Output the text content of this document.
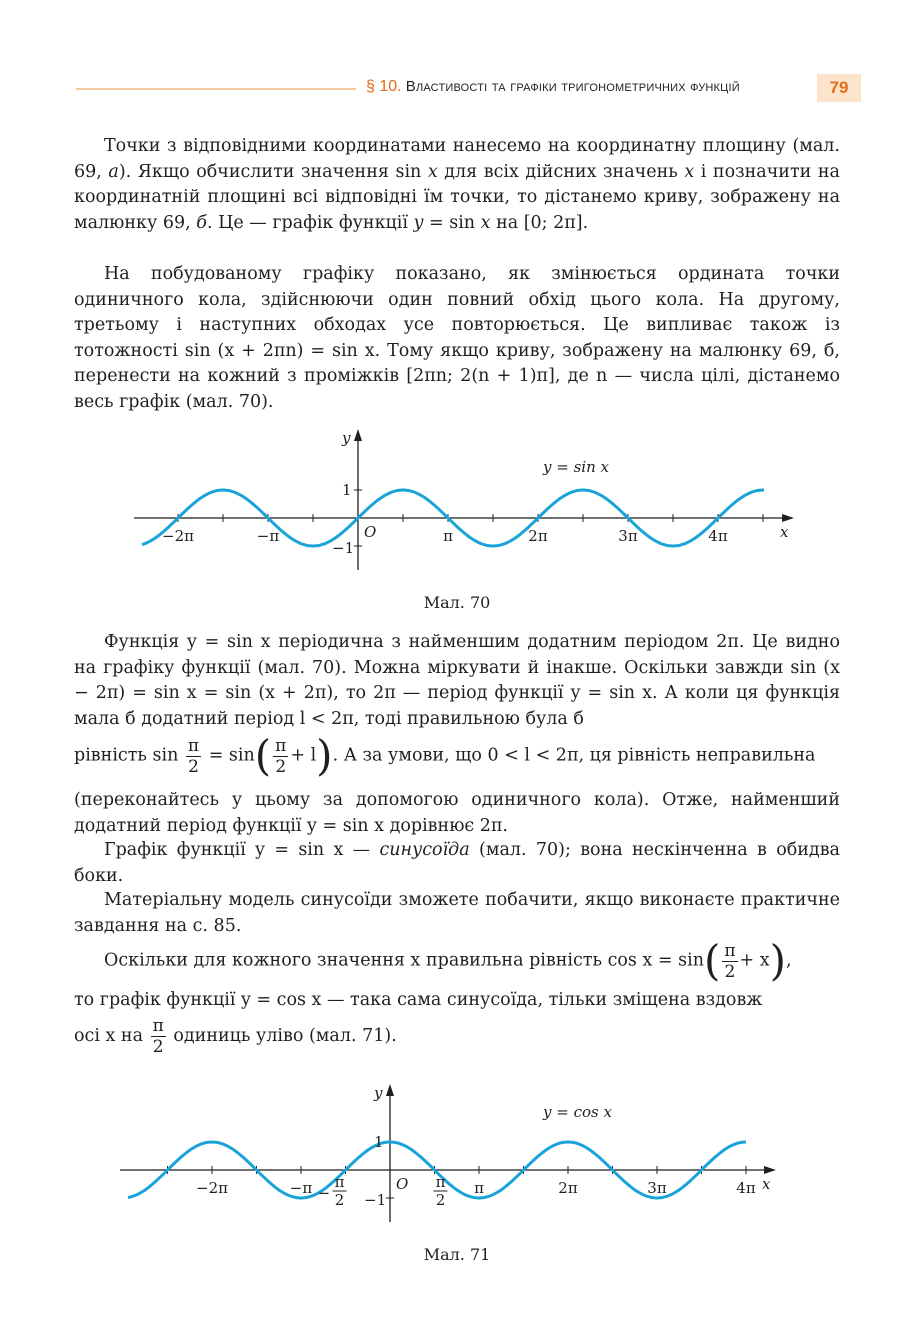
§ 10. Властивості та графіки тригонометричних функцій	79
Точки з відповідними координатами нанесемо на координатну площину (мал. 69, а). Якщо обчислити значення sin x для всіх дійсних значень x і позначити на координатній площині всі відповідні їм точки, то дістанемо криву, зображену на малюнку 69, б. Це — графік функції y = sin x на [0; 2π].
На побудованому графіку показано, як змінюється ордината точки одиничного кола, здійснюючи один повний обхід цього кола. На другому, третьому і наступних обходах усе повторюється. Це випливає також із тотожності sin (x + 2πn) = sin x. Тому якщо криву, зображену на малюнку 69, б, перенести на кожний з проміжків [2πn; 2(n + 1)π], де n — числа цілі, дістанемо весь графік (мал. 70).
y
x
O
1
−1
y = sin x
−2π	−π	π	2π	3π	4π
Мал. 70
Функція y = sin x періодична з найменшим додатним періодом 2π. Це видно на графіку функції (мал. 70). Можна міркувати й інакше. Оскільки завжди sin (x − 2π) = sin x = sin (x + 2π), то 2π — період функції y = sin x. А коли ця функція мала б додатний період l < 2π, тоді правильною була б
рівність $\sin \frac{\pi}{2} = \sin( \frac{\pi}{2} + l)$. А за умови, що 0 < l < 2π, ця рівність неправильна
(переконайтесь у цьому за допомогою одиничного кола). Отже, найменший додатний період функції y = sin x дорівнює 2π.
Графік функції y = sin x — синусоїда (мал. 70); вона нескінченна в обидва боки.
Матеріальну модель синусоїди зможете побачити, якщо виконаєте практичне завдання на с. 85.
Оскільки для кожного значення x правильна рівність $\cos x = \sin( \frac{\pi}{2} + x)$,
то графік функції y = cos x — така сама синусоїда, тільки зміщена вздовж
осі x на $\frac{\pi}{2}$ одиниць уліво (мал. 71).
y
x
O
1
−1
y = cos x
−2π	−π	π	2π	3π	4π
−
π
2
π
2
Мал. 71
